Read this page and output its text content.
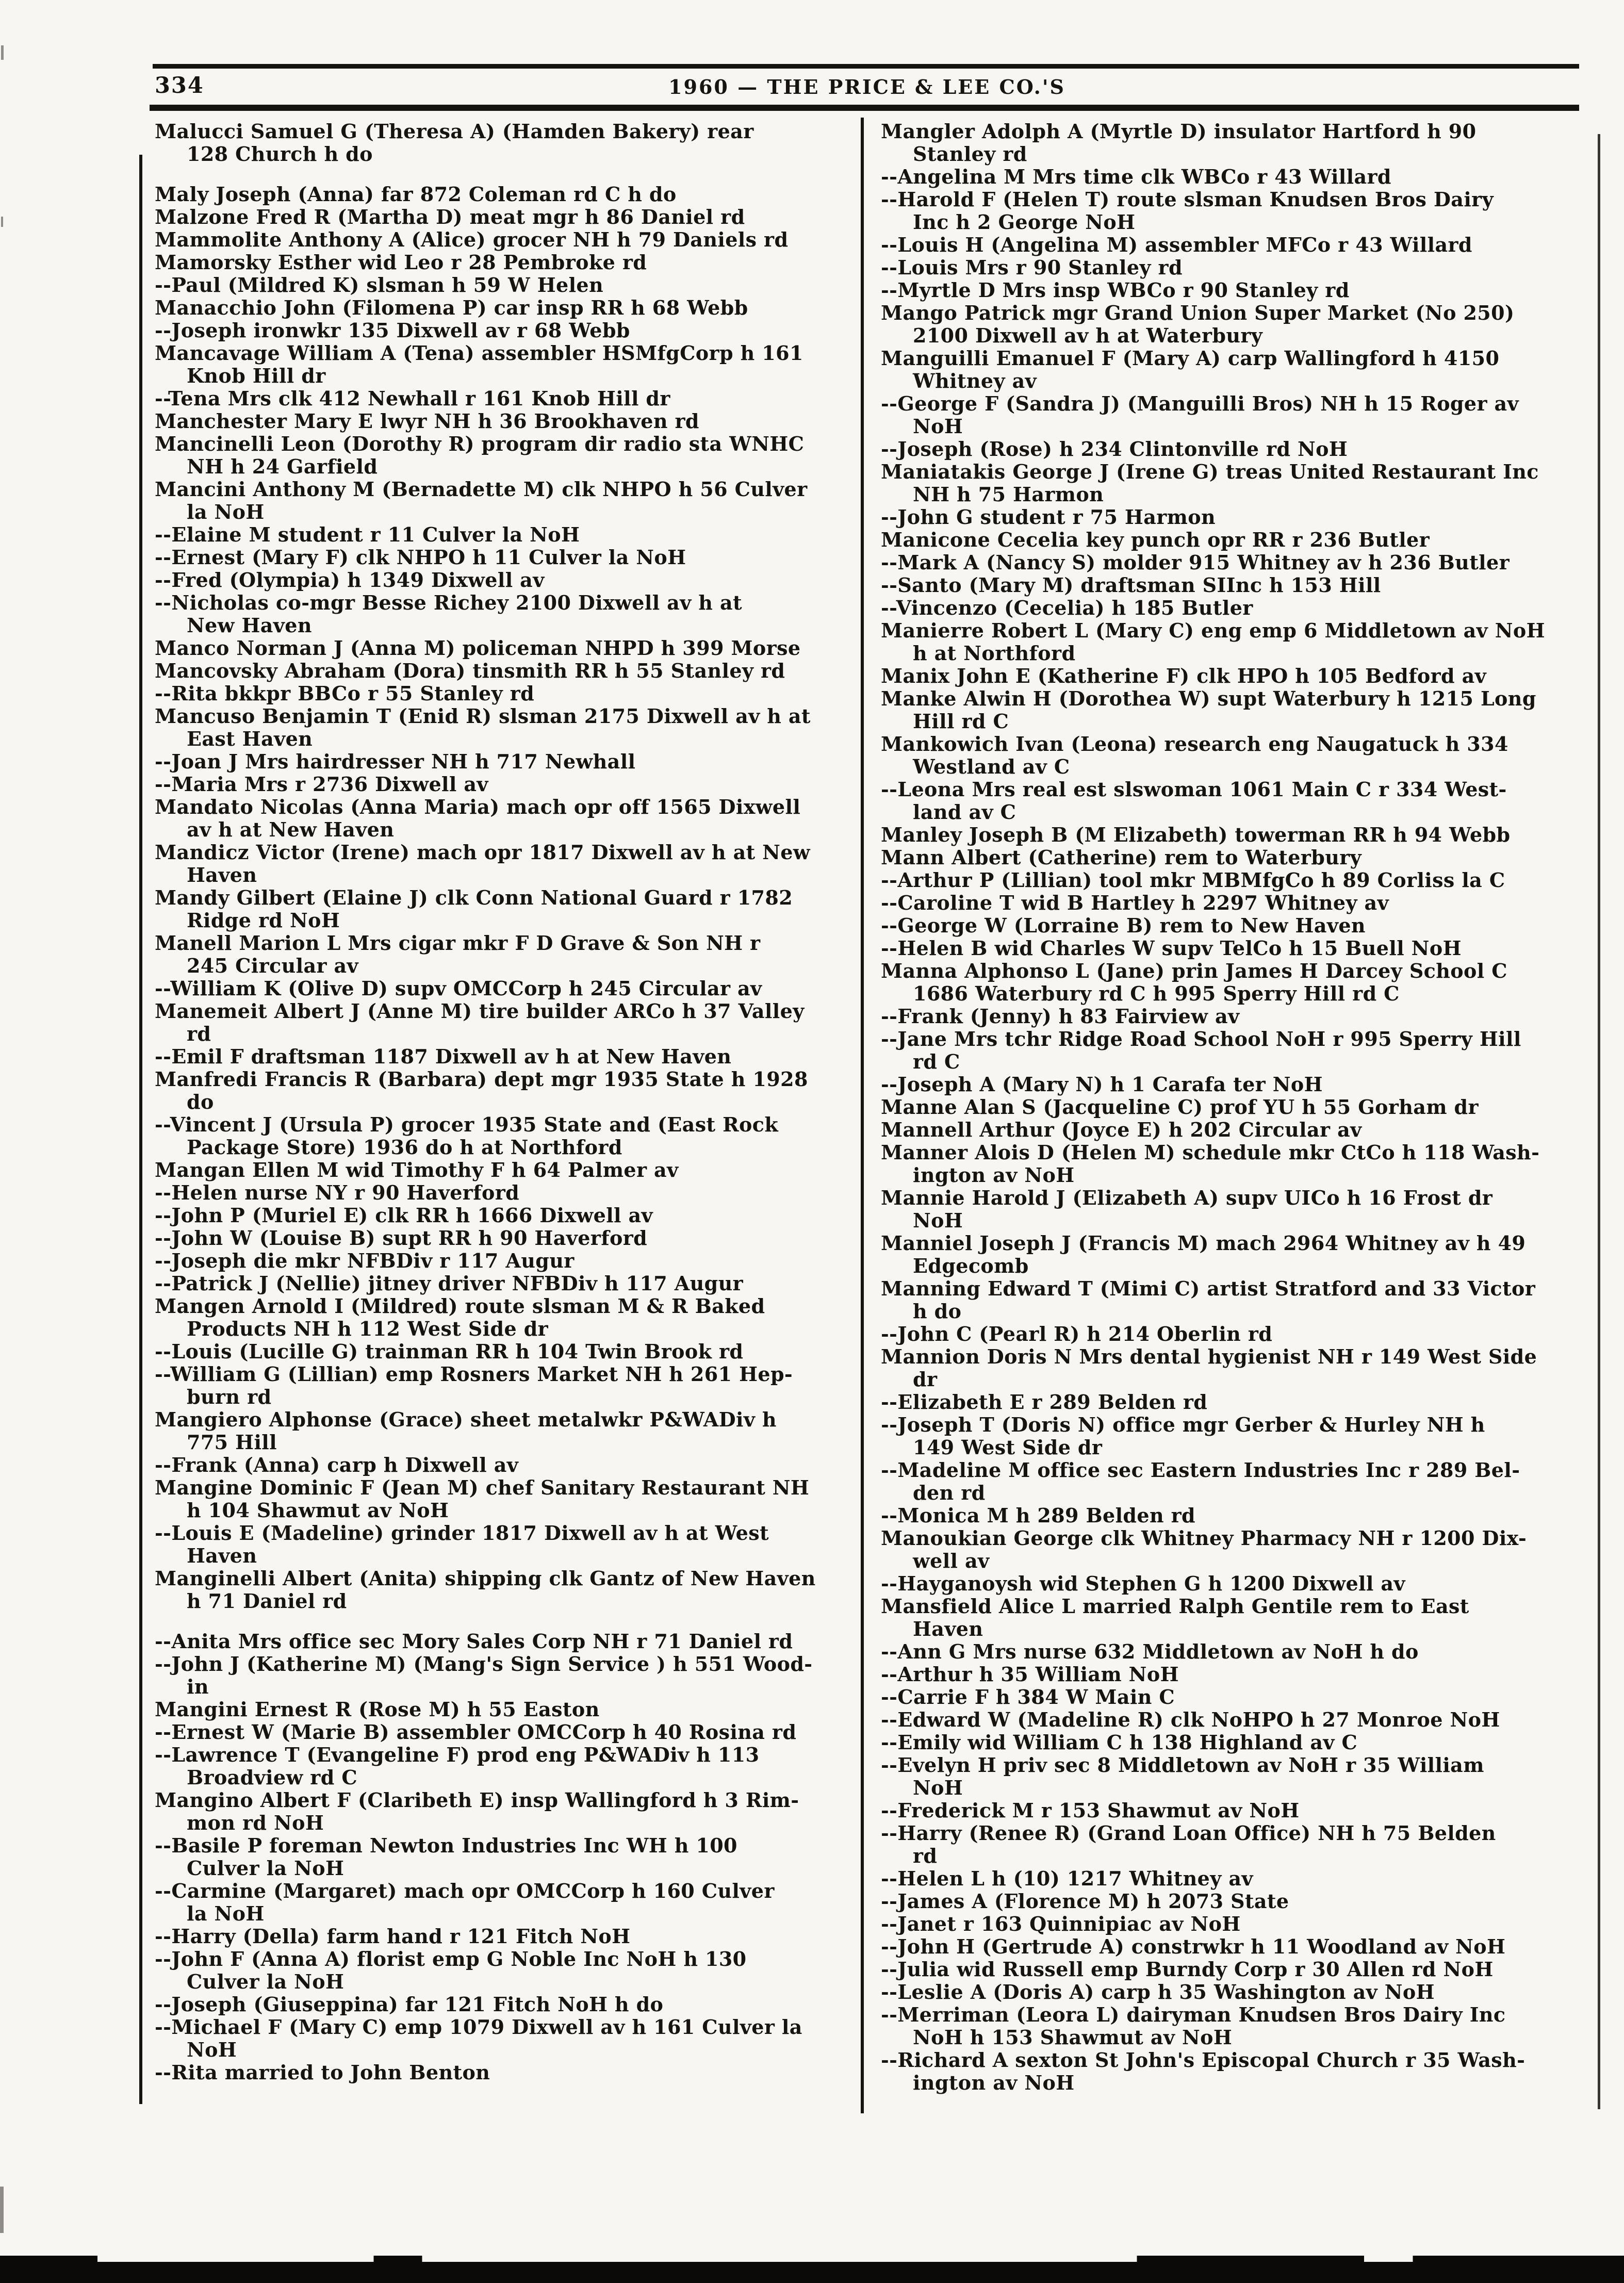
334	1960 — THE PRICE & LEE CO.'S
Malucci Samuel G (Theresa A) (Hamden Bakery) rear
128 Church h do
Maly Joseph (Anna) far 872 Coleman rd C h do
Malzone Fred R (Martha D) meat mgr h 86 Daniel rd
Mammolite Anthony A (Alice) grocer NH h 79 Daniels rd
Mamorsky Esther wid Leo r 28 Pembroke rd
--Paul (Mildred K) slsman h 59 W Helen
Manacchio John (Filomena P) car insp RR h 68 Webb
--Joseph ironwkr 135 Dixwell av r 68 Webb
Mancavage William A (Tena) assembler HSMfgCorp h 161
Knob Hill dr
--Tena Mrs clk 412 Newhall r 161 Knob Hill dr
Manchester Mary E lwyr NH h 36 Brookhaven rd
Mancinelli Leon (Dorothy R) program dir radio sta WNHC
NH h 24 Garfield
Mancini Anthony M (Bernadette M) clk NHPO h 56 Culver
la NoH
--Elaine M student r 11 Culver la NoH
--Ernest (Mary F) clk NHPO h 11 Culver la NoH
--Fred (Olympia) h 1349 Dixwell av
--Nicholas co-mgr Besse Richey 2100 Dixwell av h at
New Haven
Manco Norman J (Anna M) policeman NHPD h 399 Morse
Mancovsky Abraham (Dora) tinsmith RR h 55 Stanley rd
--Rita bkkpr BBCo r 55 Stanley rd
Mancuso Benjamin T (Enid R) slsman 2175 Dixwell av h at
East Haven
--Joan J Mrs hairdresser NH h 717 Newhall
--Maria Mrs r 2736 Dixwell av
Mandato Nicolas (Anna Maria) mach opr off 1565 Dixwell
av h at New Haven
Mandicz Victor (Irene) mach opr 1817 Dixwell av h at New
Haven
Mandy Gilbert (Elaine J) clk Conn National Guard r 1782
Ridge rd NoH
Manell Marion L Mrs cigar mkr F D Grave & Son NH r
245 Circular av
--William K (Olive D) supv OMCCorp h 245 Circular av
Manemeit Albert J (Anne M) tire builder ARCo h 37 Valley
rd
--Emil F draftsman 1187 Dixwell av h at New Haven
Manfredi Francis R (Barbara) dept mgr 1935 State h 1928
do
--Vincent J (Ursula P) grocer 1935 State and (East Rock
Package Store) 1936 do h at Northford
Mangan Ellen M wid Timothy F h 64 Palmer av
--Helen nurse NY r 90 Haverford
--John P (Muriel E) clk RR h 1666 Dixwell av
--John W (Louise B) supt RR h 90 Haverford
--Joseph die mkr NFBDiv r 117 Augur
--Patrick J (Nellie) jitney driver NFBDiv h 117 Augur
Mangen Arnold I (Mildred) route slsman M & R Baked
Products NH h 112 West Side dr
--Louis (Lucille G) trainman RR h 104 Twin Brook rd
--William G (Lillian) emp Rosners Market NH h 261 Hep-
burn rd
Mangiero Alphonse (Grace) sheet metalwkr P&WADiv h
775 Hill
--Frank (Anna) carp h Dixwell av
Mangine Dominic F (Jean M) chef Sanitary Restaurant NH
h 104 Shawmut av NoH
--Louis E (Madeline) grinder 1817 Dixwell av h at West
Haven
Manginelli Albert (Anita) shipping clk Gantz of New Haven
h 71 Daniel rd
--Anita Mrs office sec Mory Sales Corp NH r 71 Daniel rd
--John J (Katherine M) (Mang's Sign Service ) h 551 Wood-
in
Mangini Ernest R (Rose M) h 55 Easton
--Ernest W (Marie B) assembler OMCCorp h 40 Rosina rd
--Lawrence T (Evangeline F) prod eng P&WADiv h 113
Broadview rd C
Mangino Albert F (Claribeth E) insp Wallingford h 3 Rim-
mon rd NoH
--Basile P foreman Newton Industries Inc WH h 100
Culver la NoH
--Carmine (Margaret) mach opr OMCCorp h 160 Culver
la NoH
--Harry (Della) farm hand r 121 Fitch NoH
--John F (Anna A) florist emp G Noble Inc NoH h 130
Culver la NoH
--Joseph (Giuseppina) far 121 Fitch NoH h do
--Michael F (Mary C) emp 1079 Dixwell av h 161 Culver la
NoH
--Rita married to John Benton
Mangler Adolph A (Myrtle D) insulator Hartford h 90
Stanley rd
--Angelina M Mrs time clk WBCo r 43 Willard
--Harold F (Helen T) route slsman Knudsen Bros Dairy
Inc h 2 George NoH
--Louis H (Angelina M) assembler MFCo r 43 Willard
--Louis Mrs r 90 Stanley rd
--Myrtle D Mrs insp WBCo r 90 Stanley rd
Mango Patrick mgr Grand Union Super Market (No 250)
2100 Dixwell av h at Waterbury
Manguilli Emanuel F (Mary A) carp Wallingford h 4150
Whitney av
--George F (Sandra J) (Manguilli Bros) NH h 15 Roger av
NoH
--Joseph (Rose) h 234 Clintonville rd NoH
Maniatakis George J (Irene G) treas United Restaurant Inc
NH h 75 Harmon
--John G student r 75 Harmon
Manicone Cecelia key punch opr RR r 236 Butler
--Mark A (Nancy S) molder 915 Whitney av h 236 Butler
--Santo (Mary M) draftsman SIInc h 153 Hill
--Vincenzo (Cecelia) h 185 Butler
Manierre Robert L (Mary C) eng emp 6 Middletown av NoH
h at Northford
Manix John E (Katherine F) clk HPO h 105 Bedford av
Manke Alwin H (Dorothea W) supt Waterbury h 1215 Long
Hill rd C
Mankowich Ivan (Leona) research eng Naugatuck h 334
Westland av C
--Leona Mrs real est slswoman 1061 Main C r 334 West-
land av C
Manley Joseph B (M Elizabeth) towerman RR h 94 Webb
Mann Albert (Catherine) rem to Waterbury
--Arthur P (Lillian) tool mkr MBMfgCo h 89 Corliss la C
--Caroline T wid B Hartley h 2297 Whitney av
--George W (Lorraine B) rem to New Haven
--Helen B wid Charles W supv TelCo h 15 Buell NoH
Manna Alphonso L (Jane) prin James H Darcey School C
1686 Waterbury rd C h 995 Sperry Hill rd C
--Frank (Jenny) h 83 Fairview av
--Jane Mrs tchr Ridge Road School NoH r 995 Sperry Hill
rd C
--Joseph A (Mary N) h 1 Carafa ter NoH
Manne Alan S (Jacqueline C) prof YU h 55 Gorham dr
Mannell Arthur (Joyce E) h 202 Circular av
Manner Alois D (Helen M) schedule mkr CtCo h 118 Wash-
ington av NoH
Mannie Harold J (Elizabeth A) supv UICo h 16 Frost dr
NoH
Manniel Joseph J (Francis M) mach 2964 Whitney av h 49
Edgecomb
Manning Edward T (Mimi C) artist Stratford and 33 Victor
h do
--John C (Pearl R) h 214 Oberlin rd
Mannion Doris N Mrs dental hygienist NH r 149 West Side
dr
--Elizabeth E r 289 Belden rd
--Joseph T (Doris N) office mgr Gerber & Hurley NH h
149 West Side dr
--Madeline M office sec Eastern Industries Inc r 289 Bel-
den rd
--Monica M h 289 Belden rd
Manoukian George clk Whitney Pharmacy NH r 1200 Dix-
well av
--Hayganoysh wid Stephen G h 1200 Dixwell av
Mansfield Alice L married Ralph Gentile rem to East
Haven
--Ann G Mrs nurse 632 Middletown av NoH h do
--Arthur h 35 William NoH
--Carrie F h 384 W Main C
--Edward W (Madeline R) clk NoHPO h 27 Monroe NoH
--Emily wid William C h 138 Highland av C
--Evelyn H priv sec 8 Middletown av NoH r 35 William
NoH
--Frederick M r 153 Shawmut av NoH
--Harry (Renee R) (Grand Loan Office) NH h 75 Belden
rd
--Helen L h (10) 1217 Whitney av
--James A (Florence M) h 2073 State
--Janet r 163 Quinnipiac av NoH
--John H (Gertrude A) constrwkr h 11 Woodland av NoH
--Julia wid Russell emp Burndy Corp r 30 Allen rd NoH
--Leslie A (Doris A) carp h 35 Washington av NoH
--Merriman (Leora L) dairyman Knudsen Bros Dairy Inc
NoH h 153 Shawmut av NoH
--Richard A sexton St John's Episcopal Church r 35 Wash-
ington av NoH
